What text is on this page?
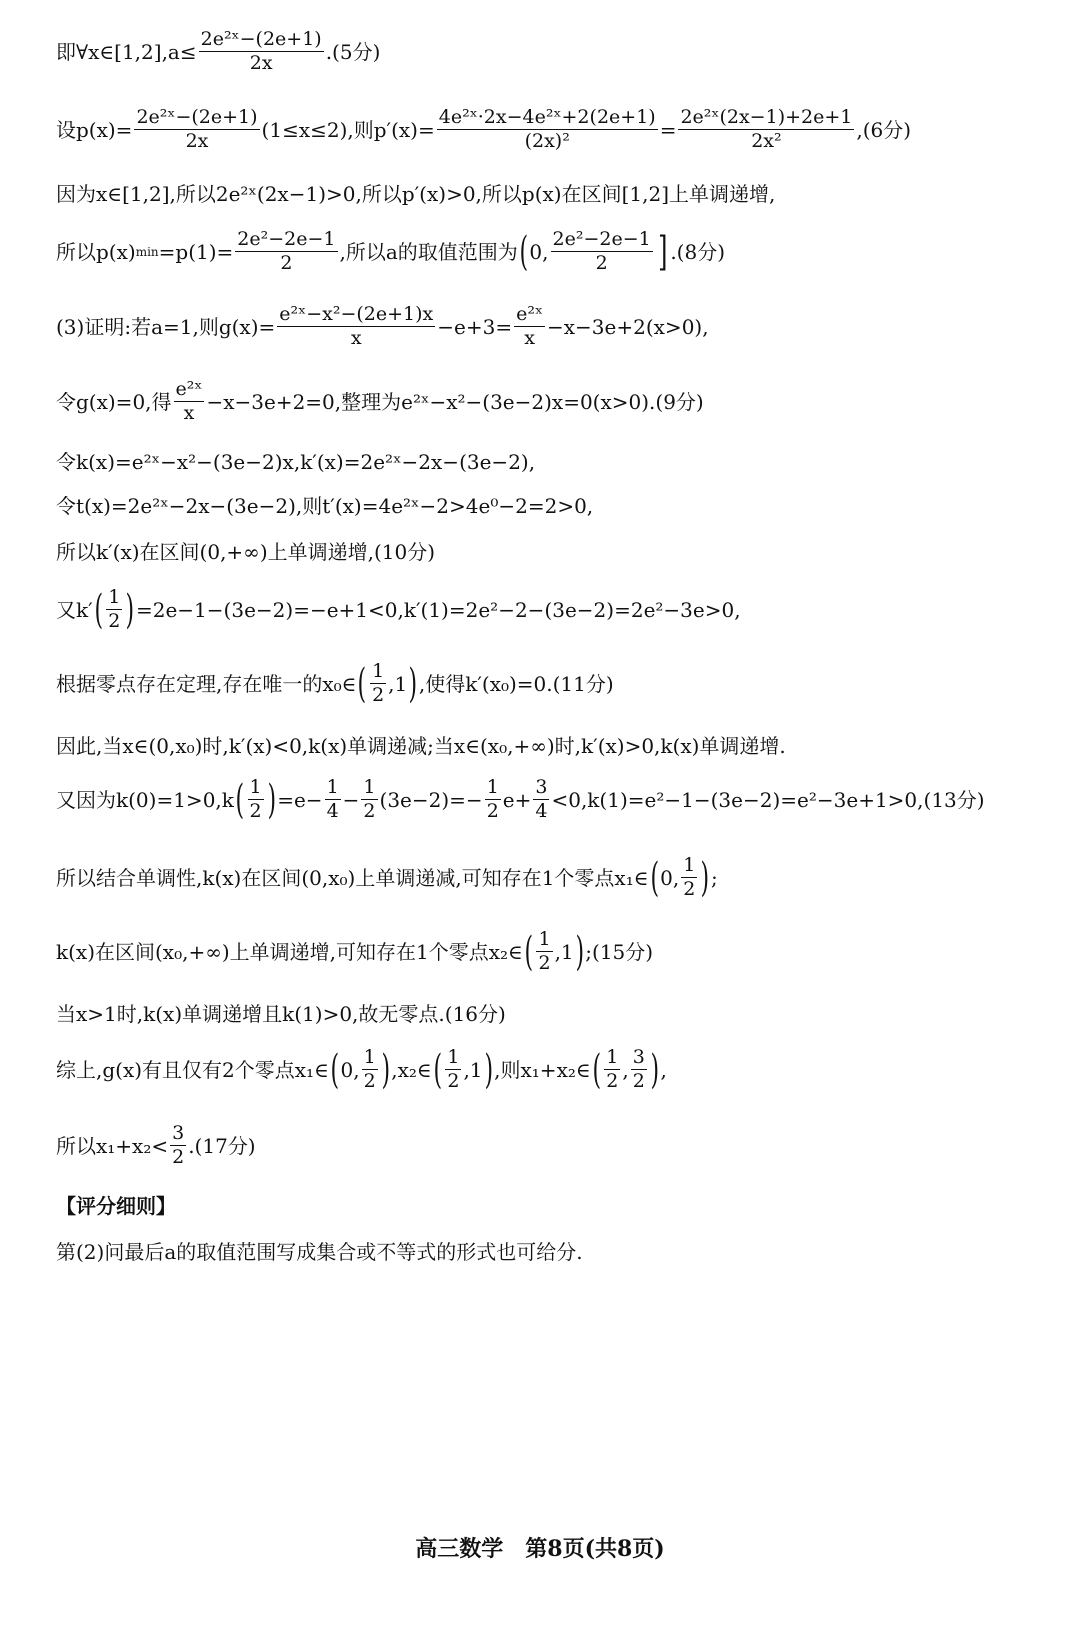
即∀x∈[1,2],a≤ $\frac{\text{2e²ˣ−(2e+1)}}{2x} .(5$分)
设$p(x)= \frac{\text{2e²ˣ−(2e+1)}}{2x} (1\le x\le 2)$,则$p'(x)= \frac{\text{4e²ˣ·2x−4e²ˣ+2(2e+1)}}{\text{(2x)²}} = \frac{\text{2e²ˣ(2x−1)+2e+1}}{\text{2x²}} ,(6$分)
因为x∈[1,2],所以2e²ˣ(2x−1)>0,所以p′(x)>0,所以p(x)在区间[1,2]上单调递增,
所以p(x) $\min =p(1)= \frac{\text{2e²−2e−1}}{2}$ ,所以a的取值范围为 ( 0, $\frac{\text{2e²−2e−1}}{2}$ ] .(8分)
(3)证明:若a=1,则$g(x)= \frac{\text{e²ˣ−x²−(2e+1)x}}{x} -e+3= \frac{\text{e²ˣ}}{x} -x-3e+2(x>0)$,
令g(x)=0,得 $\frac{\text{e²ˣ}}{x} -x-3e+2=0$,整理为e²ˣ−x²−(3e−2)x=0(x>0).(9分)
令k(x)=e²ˣ−x²−(3e−2)x,k′(x)=2e²ˣ−2x−(3e−2),
令t(x)=2e²ˣ−2x−(3e−2),则t′(x)=4e²ˣ−2>4e⁰−2=2>0,
所以k′(x)在区间(0,+∞)上单调递增,(10分)
又k′ ( $\frac{1}{2}$ ) =2e−1−(3e−2)=−e+1<0,k′(1)=2e²−2−(3e−2)=2e²−3e>0,
根据零点存在定理,存在唯一的x₀∈ ( $\frac{1}{2} ,1$ ) ,使得k′(x₀)=0.(11分)
因此,当x∈(0,x₀)时,k′(x)<0,k(x)单调递减;当x∈(x₀,+∞)时,k′(x)>0,k(x)单调递增.
又因为k(0)=1>0,k ( $\frac{1}{2}$ ) $=e- \frac{1}{4} - \frac{1}{2} (3e-2)=- \frac{1}{2} e+ \frac{3}{4} <0,k(1)=e^2-1-(3e-2)=e^2-3e+1>0,(13$分)
所以结合单调性,k(x)在区间(0,x₀)上单调递减,可知存在1个零点x₁∈ ( 0, $\frac{1}{2}$ ) ;
k(x)在区间(x₀,+∞)上单调递增,可知存在1个零点x₂∈ ( $\frac{1}{2} ,1$ ) ;(15分)
当x>1时,k(x)单调递增且k(1)>0,故无零点.(16分)
综上,g(x)有且仅有2个零点x₁∈ ( 0, $\frac{1}{2}$ ) ,x₂∈ ( $\frac{1}{2} ,1$ ) ,则x₁+x₂∈ ( $\frac{1}{2}$ , $\frac{3}{2}$ ) ,
所以$x_1+x_2< \frac{3}{2} .(17$分)
【评分细则】
第(2)问最后a的取值范围写成集合或不等式的形式也可给分.
高三数学　第8页(共8页)
